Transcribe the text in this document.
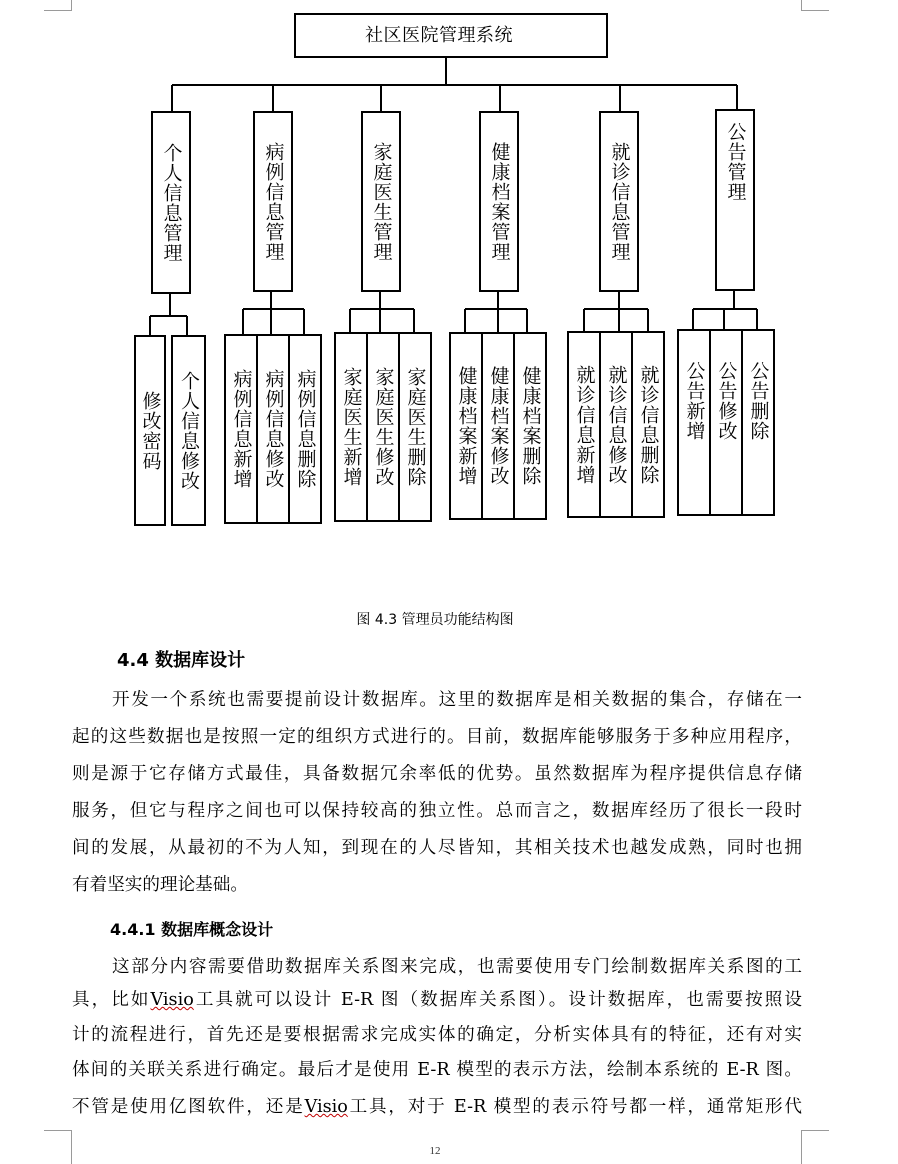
社区医院管理系统
个人信息管理	病例信息管理	家庭医生管理	健康档案管理	就诊信息管理	公告管理
修改密码 个人信息修改 病例信息新增 病例信息修改 病例信息删除 家庭医生新增 家庭医生修改 家庭医生删除 健康档案新增 健康档案修改 健康档案删除 就诊信息新增 就诊信息修改 就诊信息删除 公告新增 公告修改 公告删除
图 4.3 管理员功能结构图
4.4 数据库设计
开发一个系统也需要提前设计数据库。这里的数据库是相关数据的集合，存储在一
起的这些数据也是按照一定的组织方式进行的。目前，数据库能够服务于多种应用程序，
则是源于它存储方式最佳，具备数据冗余率低的优势。虽然数据库为程序提供信息存储
服务，但它与程序之间也可以保持较高的独立性。总而言之，数据库经历了很长一段时
间的发展，从最初的不为人知，到现在的人尽皆知，其相关技术也越发成熟，同时也拥
有着坚实的理论基础。
4.4.1 数据库概念设计
这部分内容需要借助数据库关系图来完成，也需要使用专门绘制数据库关系图的工
具，比如Visio工具就可以设计 E-R 图（数据库关系图）。设计数据库，也需要按照设
计的流程进行，首先还是要根据需求完成实体的确定，分析实体具有的特征，还有对实
体间的关联关系进行确定。最后才是使用 E-R 模型的表示方法，绘制本系统的 E-R 图。
不管是使用亿图软件，还是Visio工具，对于 E-R 模型的表示符号都一样，通常矩形代
12
